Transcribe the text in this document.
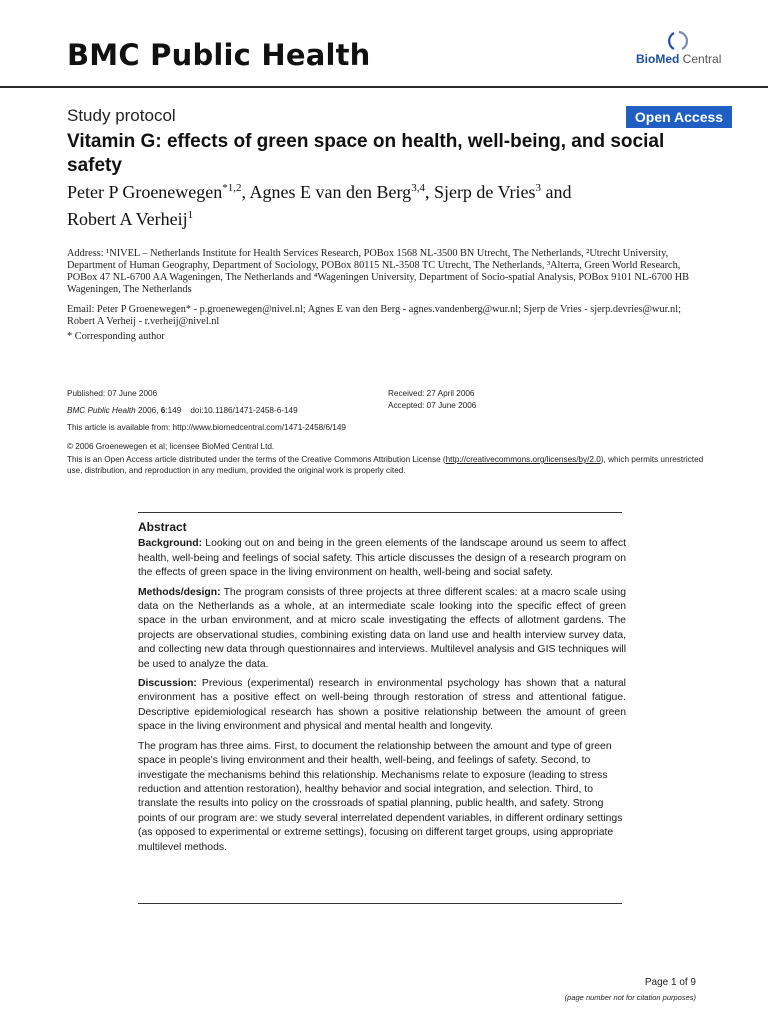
BMC Public Health	BioMed Central
Study protocol	Open Access
Vitamin G: effects of green space on health, well-being, and social safety
Peter P Groenewegen$^{*1,2}$, Agnes E van den Berg$^{3,4}$, Sjerp de Vries$^3$ and
Robert A Verheij$^1$
Address: ¹NIVEL – Netherlands Institute for Health Services Research, POBox 1568 NL-3500 BN Utrecht, The Netherlands, ²Utrecht University, Department of Human Geography, Department of Sociology, POBox 80115 NL-3508 TC Utrecht, The Netherlands, ³Alterra, Green World Research, POBox 47 NL-6700 AA Wageningen, The Netherlands and ⁴Wageningen University, Department of Socio-spatial Analysis, POBox 9101 NL-6700 HB Wageningen, The Netherlands
Email: Peter P Groenewegen* - p.groenewegen@nivel.nl; Agnes E van den Berg - agnes.vandenberg@wur.nl; Sjerp de Vries - sjerp.devries@wur.nl; Robert A Verheij - r.verheij@nivel.nl
* Corresponding author
Published: 07 June 2006	Received: 27 April 2006
Accepted: 07 June 2006
BMC Public Health 2006, 6:149    doi:10.1186/1471-2458-6-149
This article is available from: http://www.biomedcentral.com/1471-2458/6/149
© 2006 Groenewegen et al; licensee BioMed Central Ltd.
This is an Open Access article distributed under the terms of the Creative Commons Attribution License (http://creativecommons.org/licenses/by/2.0), which permits unrestricted use, distribution, and reproduction in any medium, provided the original work is properly cited.
Abstract

Background: Looking out on and being in the green elements of the landscape around us seem to affect health, well-being and feelings of social safety. This article discusses the design of a research program on the effects of green space in the living environment on health, well-being and social safety.

Methods/design: The program consists of three projects at three different scales: at a macro scale using data on the Netherlands as a whole, at an intermediate scale looking into the specific effect of green space in the urban environment, and at micro scale investigating the effects of allotment gardens. The projects are observational studies, combining existing data on land use and health interview survey data, and collecting new data through questionnaires and interviews. Multilevel analysis and GIS techniques will be used to analyze the data.

Discussion: Previous (experimental) research in environmental psychology has shown that a natural environment has a positive effect on well-being through restoration of stress and attentional fatigue. Descriptive epidemiological research has shown a positive relationship between the amount of green space in the living environment and physical and mental health and longevity.

The program has three aims. First, to document the relationship between the amount and type of green space in people's living environment and their health, well-being, and feelings of safety. Second, to investigate the mechanisms behind this relationship. Mechanisms relate to exposure (leading to stress reduction and attention restoration), healthy behavior and social integration, and selection. Third, to translate the results into policy on the crossroads of spatial planning, public health, and safety. Strong points of our program are: we study several interrelated dependent variables, in different ordinary settings (as opposed to experimental or extreme settings), focusing on different target groups, using appropriate multilevel methods.

Page 1 of 9
(page number not for citation purposes)
